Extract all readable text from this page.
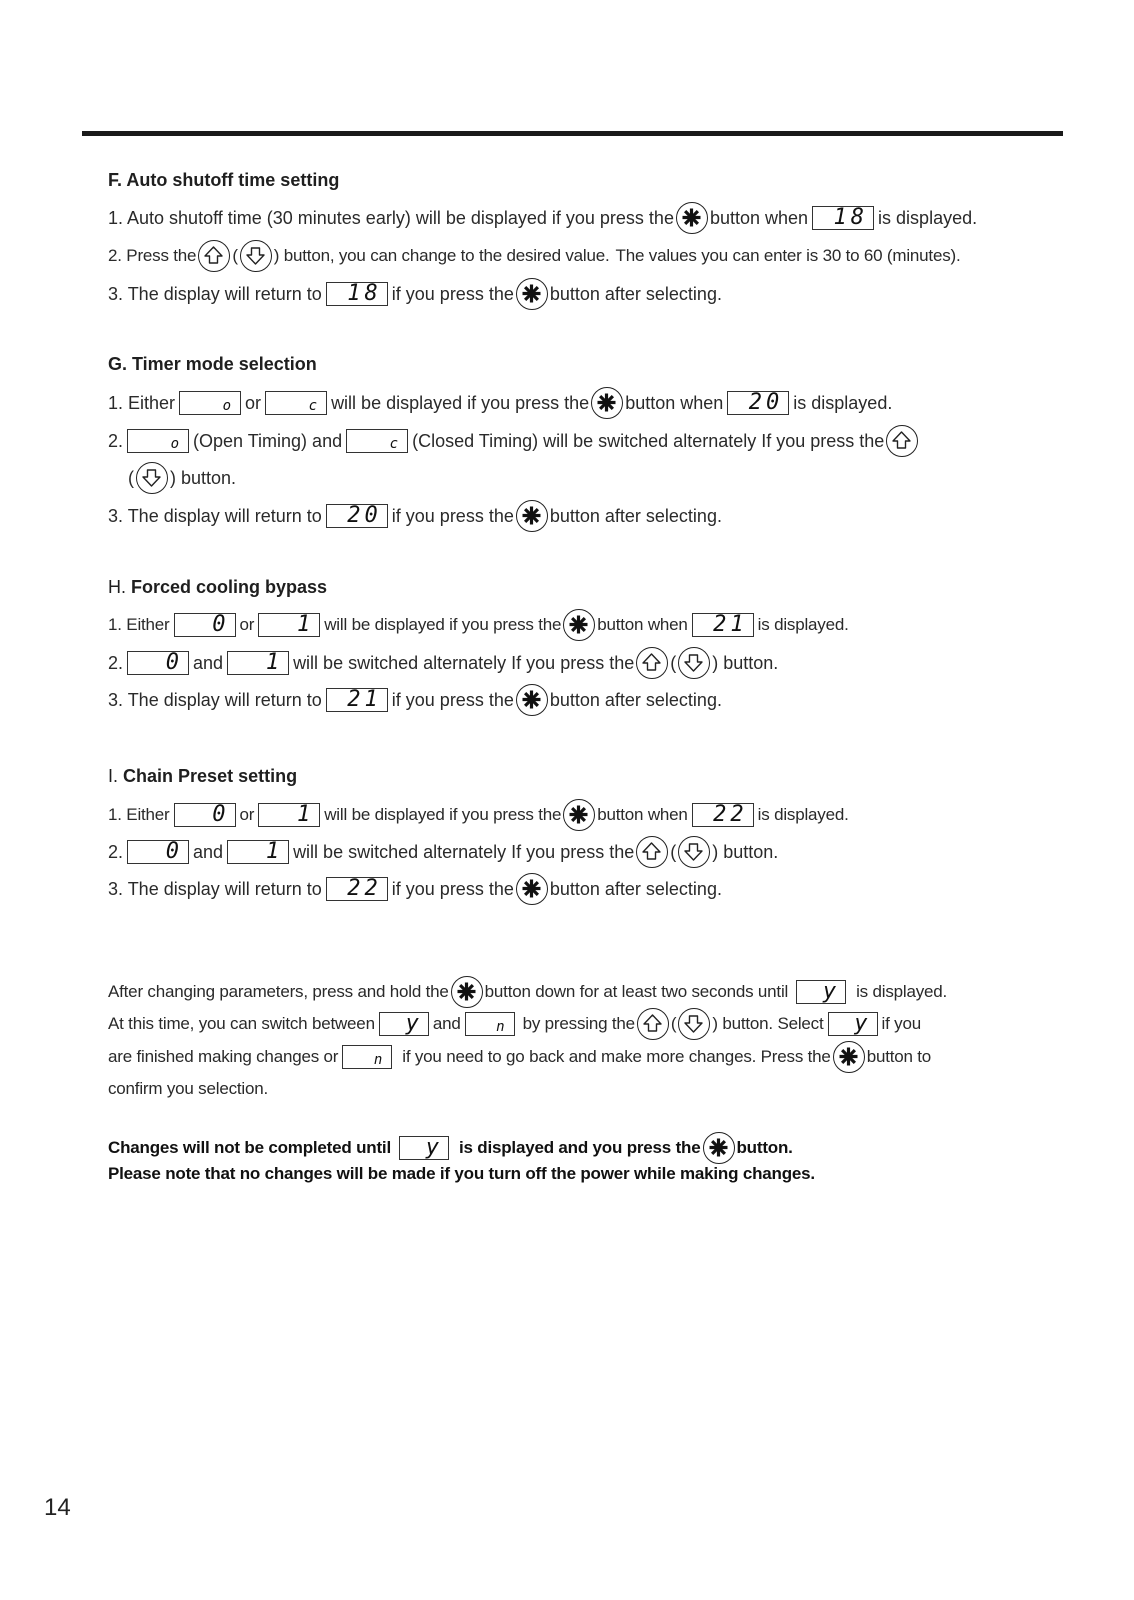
F. Auto shutoff time setting
1. Auto shutoff time (30 minutes early) will be displayed if you press the button when	18 is displayed.
2. Press the ( ) button, you can change to the desired value. The values you can enter is 30 to 60 (minutes).
3. The display will return to	18 if you press the button after selecting.
G. Timer mode selection
1. Either	o or	c will be displayed if you press the button when	20 is displayed.
2.	o (Open Timing) and	c (Closed Timing) will be switched alternately If you press the
( ) button.
3. The display will return to	20 if you press the button after selecting.
H. Forced cooling bypass
1. Either	0 or	1 will be displayed if you press the button when	21 is displayed.
2.	0 and	1 will be switched alternately If you press the ( ) button.
3. The display will return to	21 if you press the button after selecting.
I. Chain Preset setting
1. Either	0 or	1 will be displayed if you press the button when	22 is displayed.
2.	0 and	1 will be switched alternately If you press the ( ) button.
3. The display will return to	22 if you press the button after selecting.
After changing parameters, press and hold the button down for at least two seconds until	y is displayed.
At this time, you can switch between	y and	n by pressing the ( ) button. Select	y if you
are finished making changes or	n if you need to go back and make more changes. Press the button to
confirm you selection.
Changes will not be completed until	y is displayed and you press the button.
Please note that no changes will be made if you turn off the power while making changes.
14
